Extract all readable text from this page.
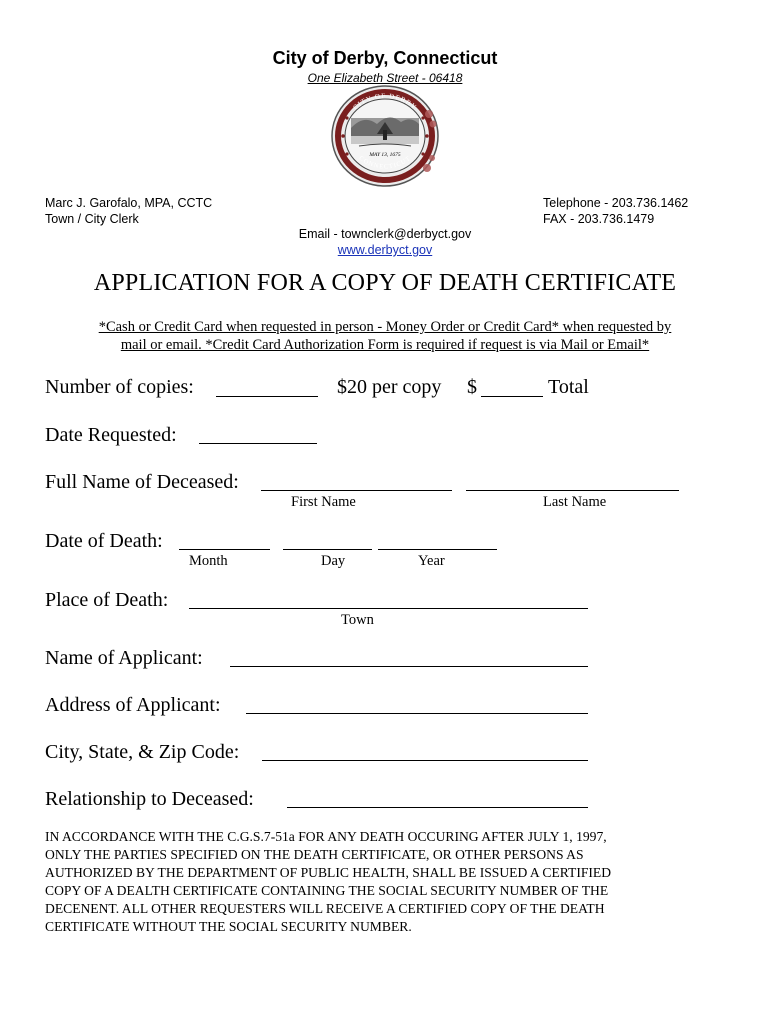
City of Derby, Connecticut
One Elizabeth Street - 06418
CITY OF DERBY
CONNECTICUT
MAY 13, 1675
Marc J. Garofalo, MPA, CCTC
Town / City Clerk
Telephone - 203.736.1462
FAX - 203.736.1479
Email - townclerk@derbyct.gov
www.derbyct.gov
APPLICATION FOR A COPY OF DEATH CERTIFICATE
*Cash or Credit Card when requested in person - Money Order or Credit Card* when requested by
mail or email. *Credit Card Authorization Form is required if request is via Mail or Email*
Number of copies:	$20 per copy $	Total
Date Requested:
Full Name of Deceased:
First Name	Last Name
Date of Death:
Month	Day	Year
Place of Death:
Town
Name of Applicant:
Address of Applicant:
City, State, & Zip Code:
Relationship to Deceased:
IN ACCORDANCE WITH THE C.G.S.7-51a FOR ANY DEATH OCCURING AFTER JULY 1, 1997,
ONLY THE PARTIES SPECIFIED ON THE DEATH CERTIFICATE, OR OTHER PERSONS AS
AUTHORIZED BY THE DEPARTMENT OF PUBLIC HEALTH, SHALL BE ISSUED A CERTIFIED
COPY OF A DEALTH CERTIFICATE CONTAINING THE SOCIAL SECURITY NUMBER OF THE
DECENENT. ALL OTHER REQUESTERS WILL RECEIVE A CERTIFIED COPY OF THE DEATH
CERTIFICATE WITHOUT THE SOCIAL SECURITY NUMBER.
